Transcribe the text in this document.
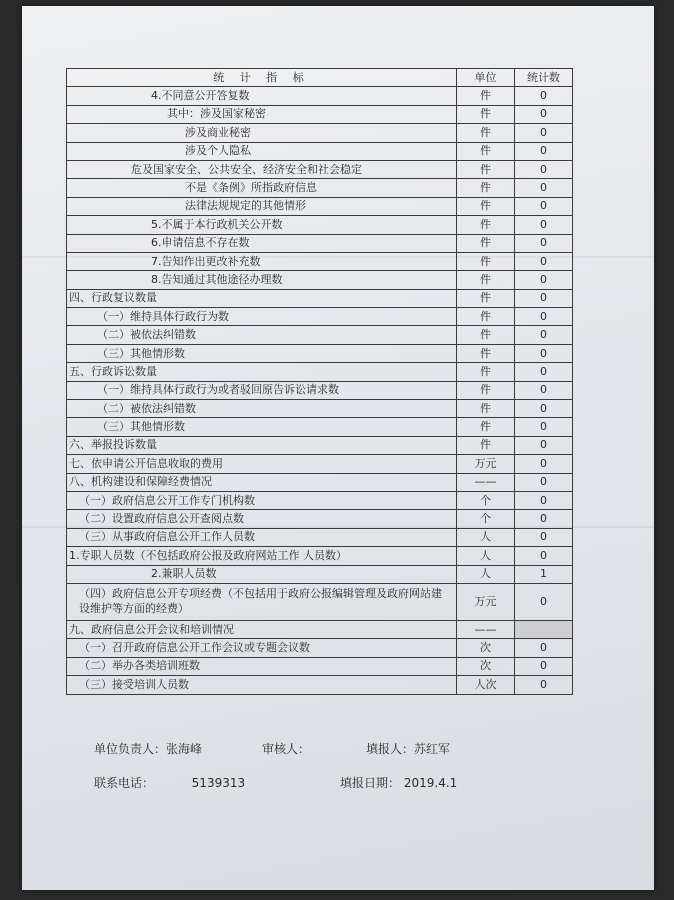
统 计 指 标	单位	统计数
4.不同意公开答复数	件	0
其中：涉及国家秘密	件	0
涉及商业秘密	件	0
涉及个人隐私	件	0
危及国家安全、公共安全、经济安全和社会稳定	件	0
不是《条例》所指政府信息	件	0
法律法规规定的其他情形	件	0
5.不属于本行政机关公开数	件	0
6.申请信息不存在数	件	0
7.告知作出更改补充数	件	0
8.告知通过其他途径办理数	件	0
四、行政复议数量	件	0
（一）维持具体行政行为数	件	0
（二）被依法纠错数	件	0
（三）其他情形数	件	0
五、行政诉讼数量	件	0
（一）维持具体行政行为或者驳回原告诉讼请求数	件	0
（二）被依法纠错数	件	0
（三）其他情形数	件	0
六、举报投诉数量	件	0
七、依申请公开信息收取的费用	万元	0
八、机构建设和保障经费情况	——	0
（一）政府信息公开工作专门机构数	个	0
（二）设置政府信息公开查阅点数	个	0
（三）从事政府信息公开工作人员数	人	0
1.专职人员数（不包括政府公报及政府网站工作 人员数）	人	0
2.兼职人员数	人	1
（四）政府信息公开专项经费（不包括用于政府公报编辑管理及政府网站建设维护等方面的经费）	万元	0
九、政府信息公开会议和培训情况	——	
（一）召开政府信息公开工作会议或专题会议数	次	0
（二）举办各类培训班数	次	0
（三）接受培训人员数	人次	0
单位负责人：张海峰	审核人：	填报人：苏红军
联系电话：	5139313	填报日期： 2019.4.1
